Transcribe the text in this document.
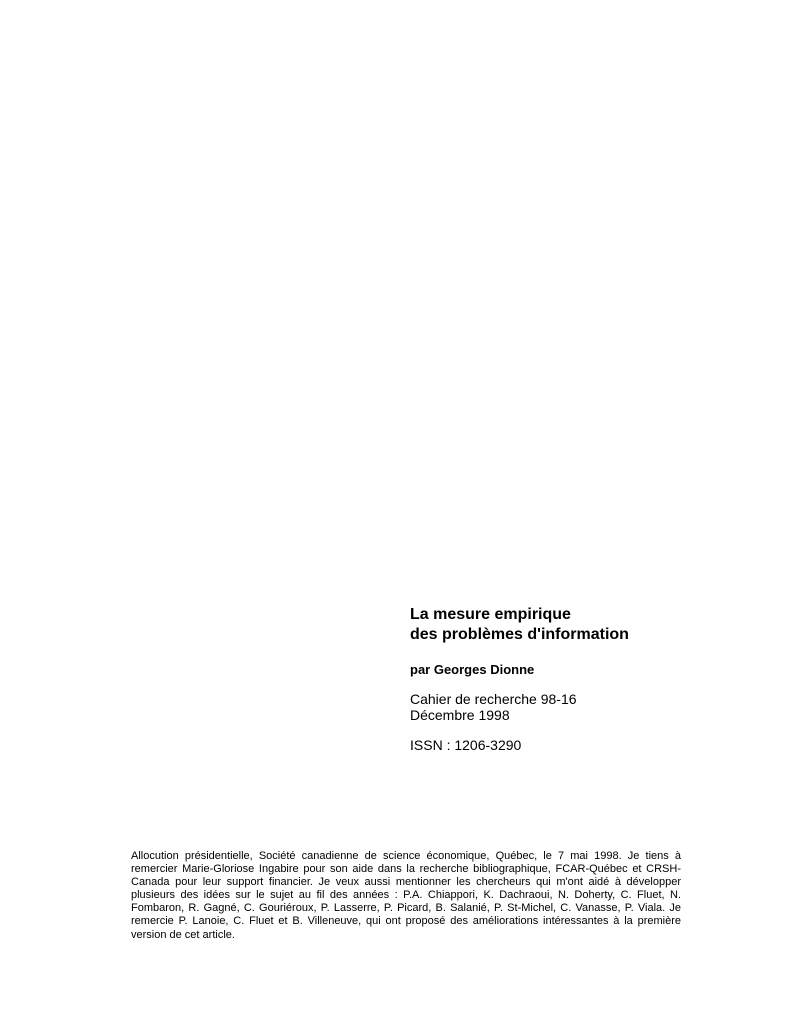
La mesure empirique
des problèmes d'information
par Georges Dionne
Cahier de recherche 98-16
Décembre 1998
ISSN : 1206-3290
Allocution présidentielle, Société canadienne de science économique, Québec, le 7 mai 1998. Je tiens à remercier Marie-Gloriose Ingabire pour son aide dans la recherche bibliographique, FCAR-Québec et CRSH-Canada pour leur support financier. Je veux aussi mentionner les chercheurs qui m'ont aidé à développer plusieurs des idées sur le sujet au fil des années : P.A. Chiappori, K. Dachraoui, N. Doherty, C. Fluet, N. Fombaron, R. Gagné, C. Gouriéroux, P. Lasserre, P. Picard, B. Salanié, P. St-Michel, C. Vanasse, P. Viala. Je remercie P. Lanoie, C. Fluet et B. Villeneuve, qui ont proposé des améliorations intéressantes à la première version de cet article.
